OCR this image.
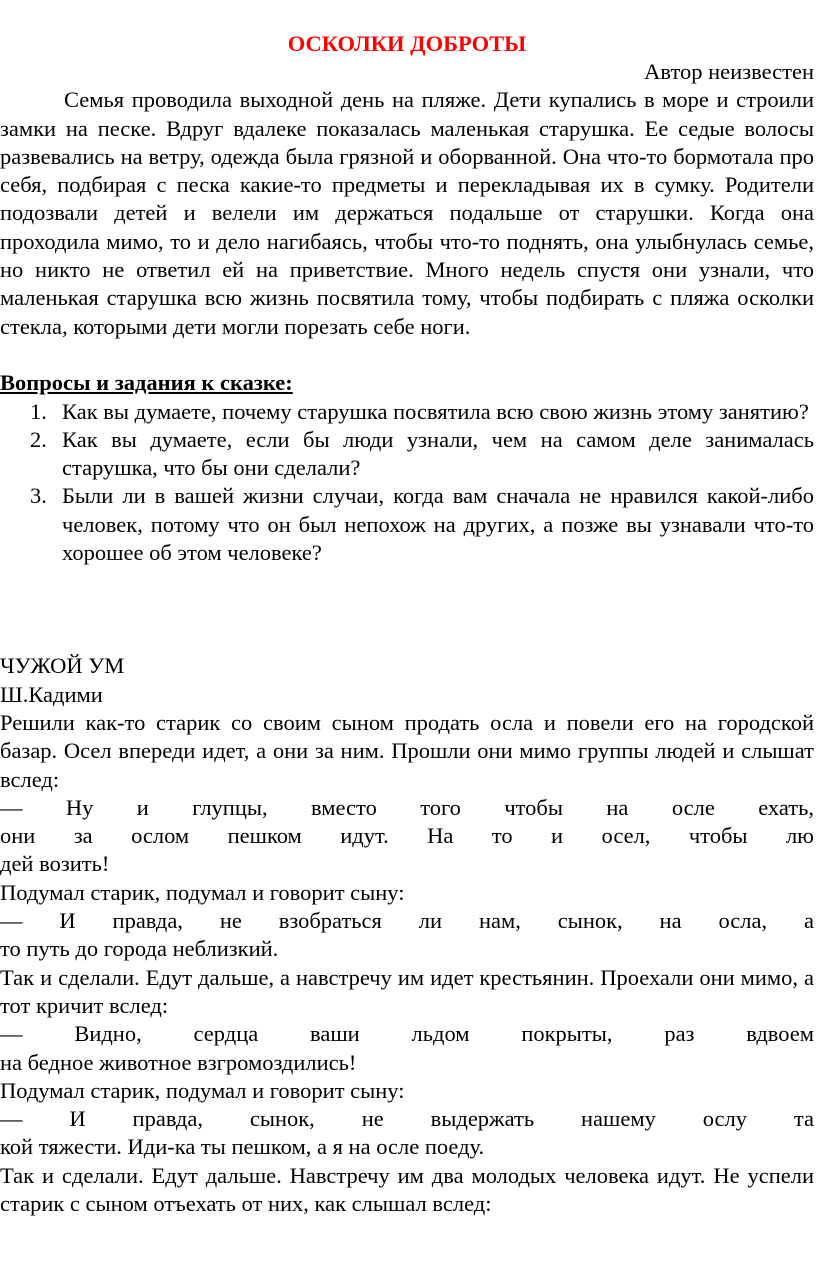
ОСКОЛКИ ДОБРОТЫ

Автор неизвестен

Семья проводила выходной день на пляже. Дети купались в море и строили замки на песке. Вдруг вдалеке показалась маленькая старушка. Ее седые волосы развевались на ветру, одежда была грязной и оборванной. Она что-то бормотала про себя, подбирая с песка какие-то предметы и перекладывая их в сумку. Родители подозвали детей и велели им держаться подальше от старушки. Когда она проходила мимо, то и дело нагибаясь, чтобы что-то поднять, она улыбнулась семье, но никто не ответил ей на приветствие. Много недель спустя они узнали, что маленькая старушка всю жизнь посвятила тому, чтобы подбирать с пляжа осколки стекла, которыми дети могли порезать себе ноги.

Вопросы и задания к сказке:

1. Как вы думаете, почему старушка посвятила всю свою жизнь этому занятию?
2. Как вы думаете, если бы люди узнали, чем на самом деле занималась старушка, что бы они сделали?
3. Были ли в вашей жизни случаи, когда вам сначала не нравился какой-либо человек, потому что он был непохож на других, а позже вы узнавали что-то хорошее об этом человеке?

ЧУЖОЙ УМ

Ш.Кадими

Решили как-то старик со своим сыном продать осла и повели его на городской базар. Осел впереди идет, а они за ним. Прошли они мимо группы людей и слышат вслед:

— Ну и глупцы, вместо того чтобы на осле ехать,

они за ослом пешком идут. На то и осел, чтобы лю

дей возить!

Подумал старик, подумал и говорит сыну:

— И правда, не взобраться ли нам, сынок, на осла, а

то путь до города неблизкий.

Так и сделали. Едут дальше, а навстречу им идет крестьянин. Проехали они мимо, а тот кричит вслед:

— Видно, сердца ваши льдом покрыты, раз вдвоем

на бедное животное взгромоздились!

Подумал старик, подумал и говорит сыну:

— И правда, сынок, не выдержать нашему ослу та

кой тяжести. Иди-ка ты пешком, а я на осле поеду.

Так и сделали. Едут дальше. Навстречу им два молодых человека идут. Не успели старик с сыном отъехать от них, как слышал вслед:
